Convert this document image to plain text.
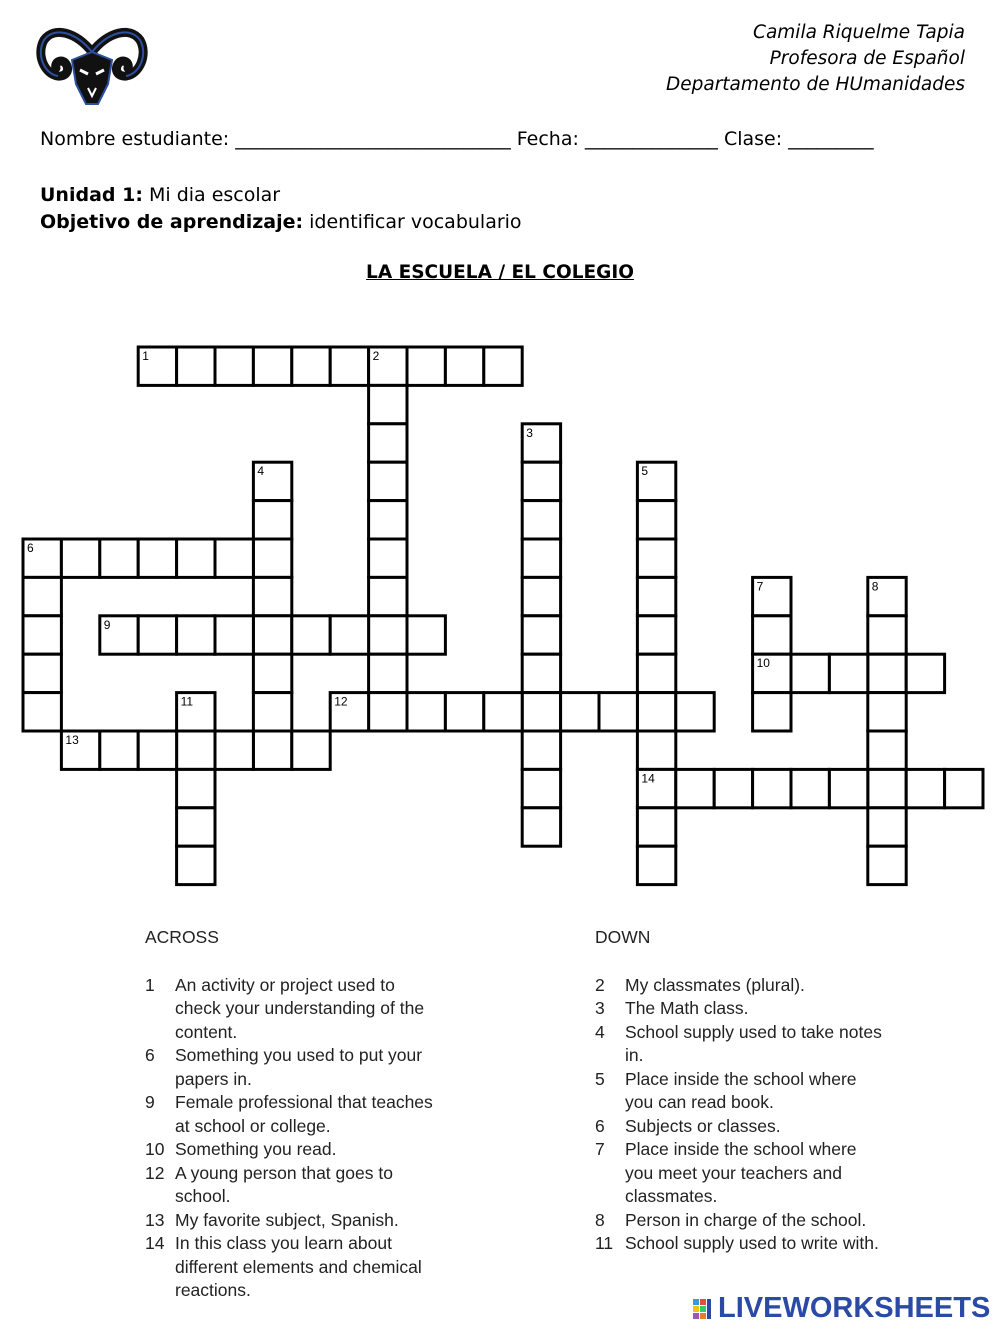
Camila Riquelme Tapia
Profesora de Español
Departamento de HUmanidades
Nombre estudiante: _____________________________ Fecha: ______________ Clase: _________
Unidad 1: Mi dia escolar
Objetivo de aprendizaje: identificar vocabulario
LA ESCUELA / EL COLEGIO
1	2
3
4	5
14
6
7
10
8
9
11	12
13
ACROSS
1	An activity or project used to check your understanding of the content.
6	Something you used to put your papers in.
9	Female professional that teaches at school or college.
10 Something you read.
12 A young person that goes to school.
13 My favorite subject, Spanish.
14 In this class you learn about different elements and chemical reactions.
DOWN
2	My classmates (plural).
3	The Math class.
4	School supply used to take notes in.
5	Place inside the school where you can read book.
6	Subjects or classes.
7	Place inside the school where you meet your teachers and classmates.
8	Person in charge of the school.
11 School supply used to write with.
LIVEWORKSHEETS
